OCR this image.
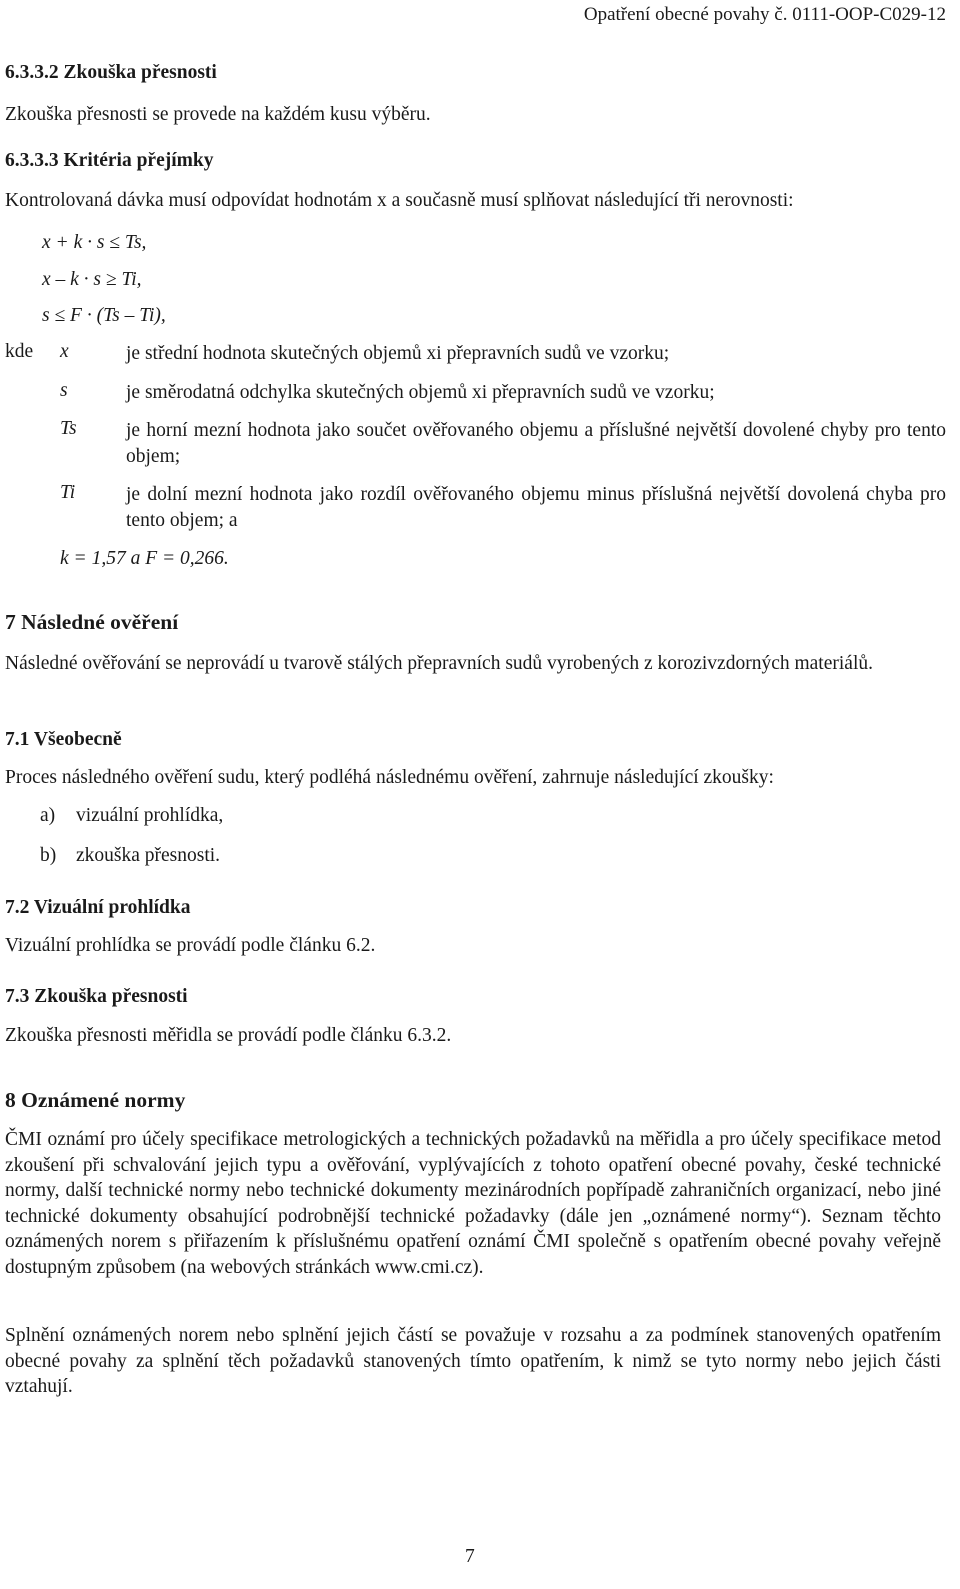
Opatření obecné povahy č. 0111-OOP-C029-12
6.3.3.2 Zkouška přesnosti
Zkouška přesnosti se provede na každém kusu výběru.
6.3.3.3 Kritéria přejímky
Kontrolovaná dávka musí odpovídat hodnotám x a současně musí splňovat následující tři nerovnosti:
x + k · s ≤ Ts,
x – k · s ≥ Ti,
s ≤ F · (Ts – Ti),
kde x	je střední hodnota skutečných objemů xi přepravních sudů ve vzorku;
s	je směrodatná odchylka skutečných objemů xi přepravních sudů ve vzorku;
Ts	je horní mezní hodnota jako součet ověřovaného objemu a příslušné největší dovolené chyby pro tento objem;
Ti	je dolní mezní hodnota jako rozdíl ověřovaného objemu minus příslušná největší dovolená chyba pro tento objem; a
k = 1,57 a F = 0,266.
7 Následné ověření
Následné ověřování se neprovádí u tvarově stálých přepravních sudů vyrobených z korozivzdorných materiálů.
7.1 Všeobecně
Proces následného ověření sudu, který podléhá následnému ověření, zahrnuje následující zkoušky:
a) vizuální prohlídka,
b) zkouška přesnosti.
7.2 Vizuální prohlídka
Vizuální prohlídka se provádí podle článku 6.2.
7.3 Zkouška přesnosti
Zkouška přesnosti měřidla se provádí podle článku 6.3.2.
8 Oznámené normy
ČMI oznámí pro účely specifikace metrologických a technických požadavků na měřidla a pro účely specifikace metod zkoušení při schvalování jejich typu a ověřování, vyplývajících z tohoto opatření obecné povahy, české technické normy, další technické normy nebo technické dokumenty mezinárodních popřípadě zahraničních organizací, nebo jiné technické dokumenty obsahující podrobnější technické požadavky (dále jen „oznámené normy“). Seznam těchto oznámených norem s přiřazením k příslušnému opatření oznámí ČMI společně s opatřením obecné povahy veřejně dostupným způsobem (na webových stránkách www.cmi.cz).
Splnění oznámených norem nebo splnění jejich částí se považuje v rozsahu a za podmínek stanovených opatřením obecné povahy za splnění těch požadavků stanovených tímto opatřením, k nimž se tyto normy nebo jejich části vztahují.
7
